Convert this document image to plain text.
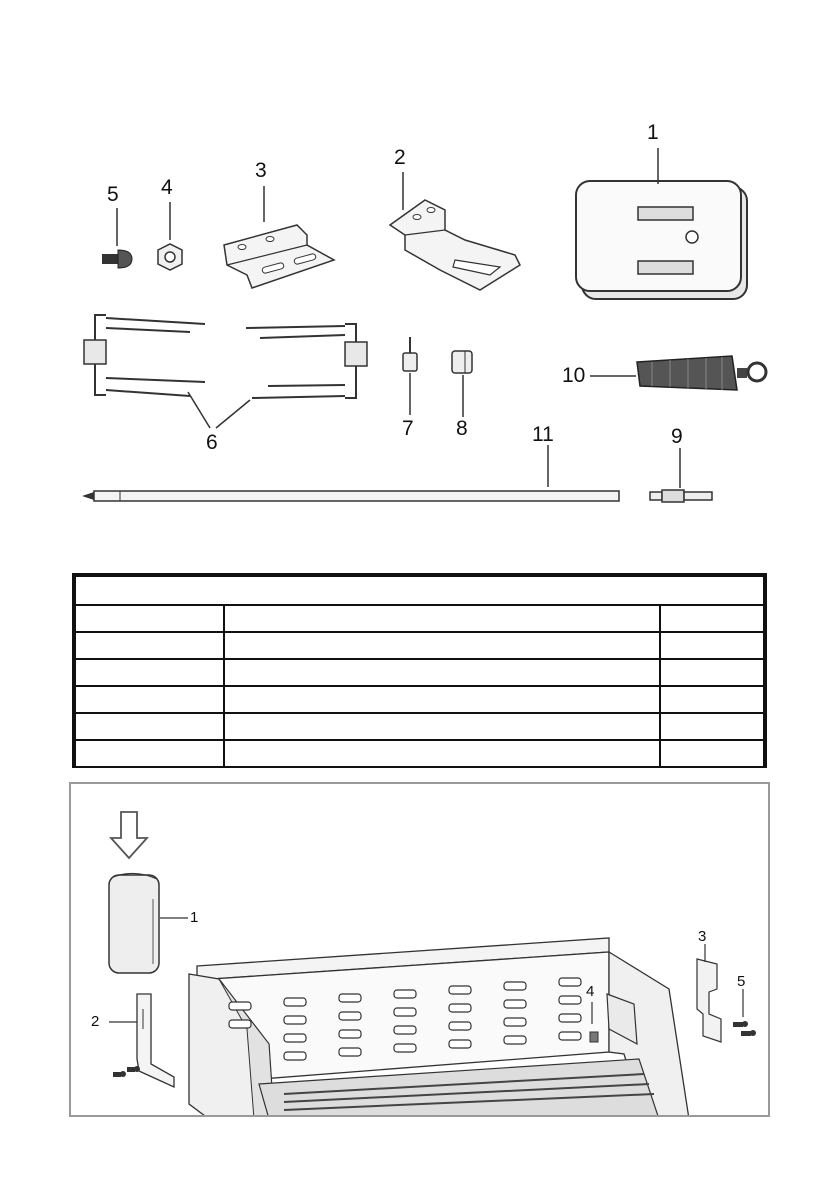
1
2
3
4
5
6
7 8
10
11	9

1
2
4
3
5
